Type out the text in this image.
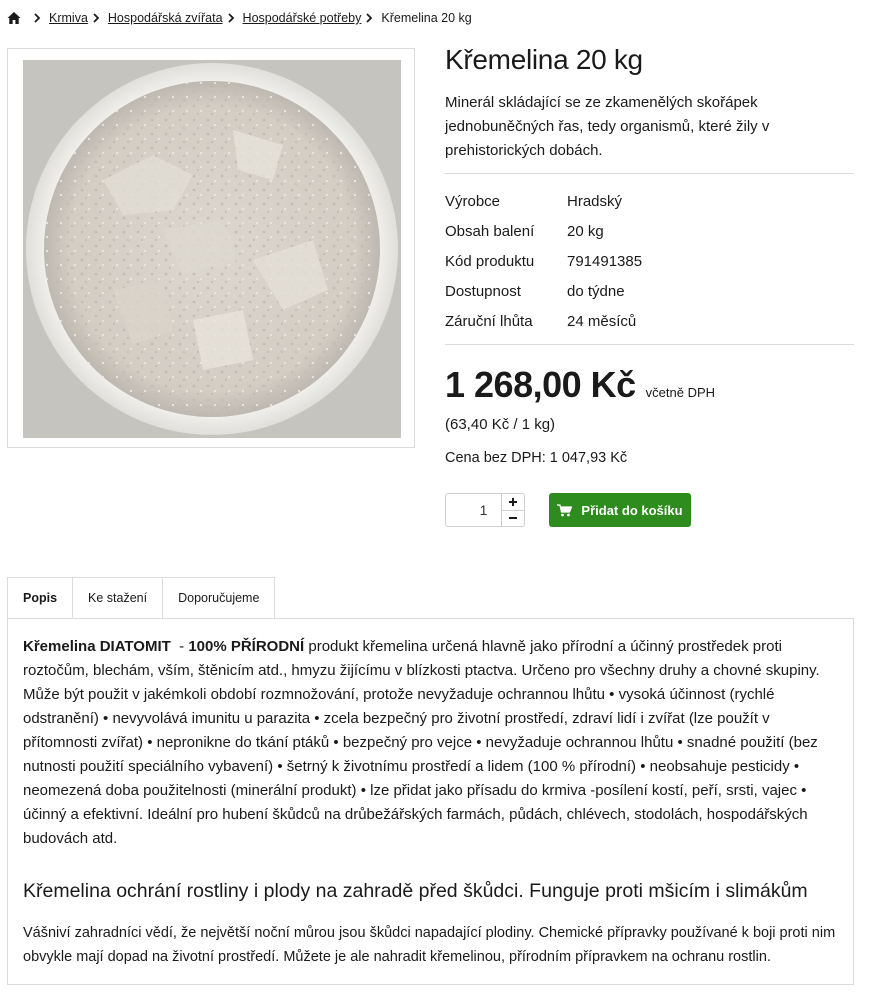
Krmiva Hospodářská zvířata Hospodářské potřeby Křemelina 20 kg
Křemelina 20 kg

Minerál skládající se ze zkamenělých skořápek jednobuněčných řas, tedy organismů, které žily v prehistorických dobách.

Výrobce	Hradský
Obsah balení	20 kg
Kód produktu	791491385
Dostupnost	do týdne
Záruční lhůta	24 měsíců
1 268,00 Kč včetně DPH
(63,40 Kč / 1 kg)
Cena bez DPH: 1 047,93 Kč
1
Přidat do košíku
Popis	Ke stažení	Doporučujeme

Křemelina DIATOMIT  - 100% PŘÍRODNÍ produkt křemelina určená hlavně jako přírodní a účinný prostředek proti roztočům, blechám, vším, štěnicím atd., hmyzu žijícímu v blízkosti ptactva. Určeno pro všechny druhy a chovné skupiny. Může být použit v jakémkoli období rozmnožování, protože nevyžaduje ochrannou lhůtu • vysoká účinnost (rychlé odstranění) • nevyvolává imunitu u parazita • zcela bezpečný pro životní prostředí, zdraví lidí i zvířat (lze použít v přítomnosti zvířat) • nepronikne do tkání ptáků • bezpečný pro vejce • nevyžaduje ochrannou lhůtu • snadné použití (bez nutnosti použití speciálního vybavení) • šetrný k životnímu prostředí a lidem (100 % přírodní) • neobsahuje pesticidy • neomezená doba použitelnosti (minerální produkt) • lze přidat jako přísadu do krmiva -posílení kostí, peří, srsti, vajec • účinný a efektivní. Ideální pro hubení škůdců na drůbežářských farmách, půdách, chlévech, stodolách, hospodářských budovách atd.

Křemelina ochrání rostliny i plody na zahradě před škůdci. Funguje proti mšicím i slimákům

Vášniví zahradníci vědí, že největší noční můrou jsou škůdci napadající plodiny. Chemické přípravky používané k boji proti nim obvykle mají dopad na životní prostředí. Můžete je ale nahradit křemelinou, přírodním přípravkem na ochranu rostlin.
